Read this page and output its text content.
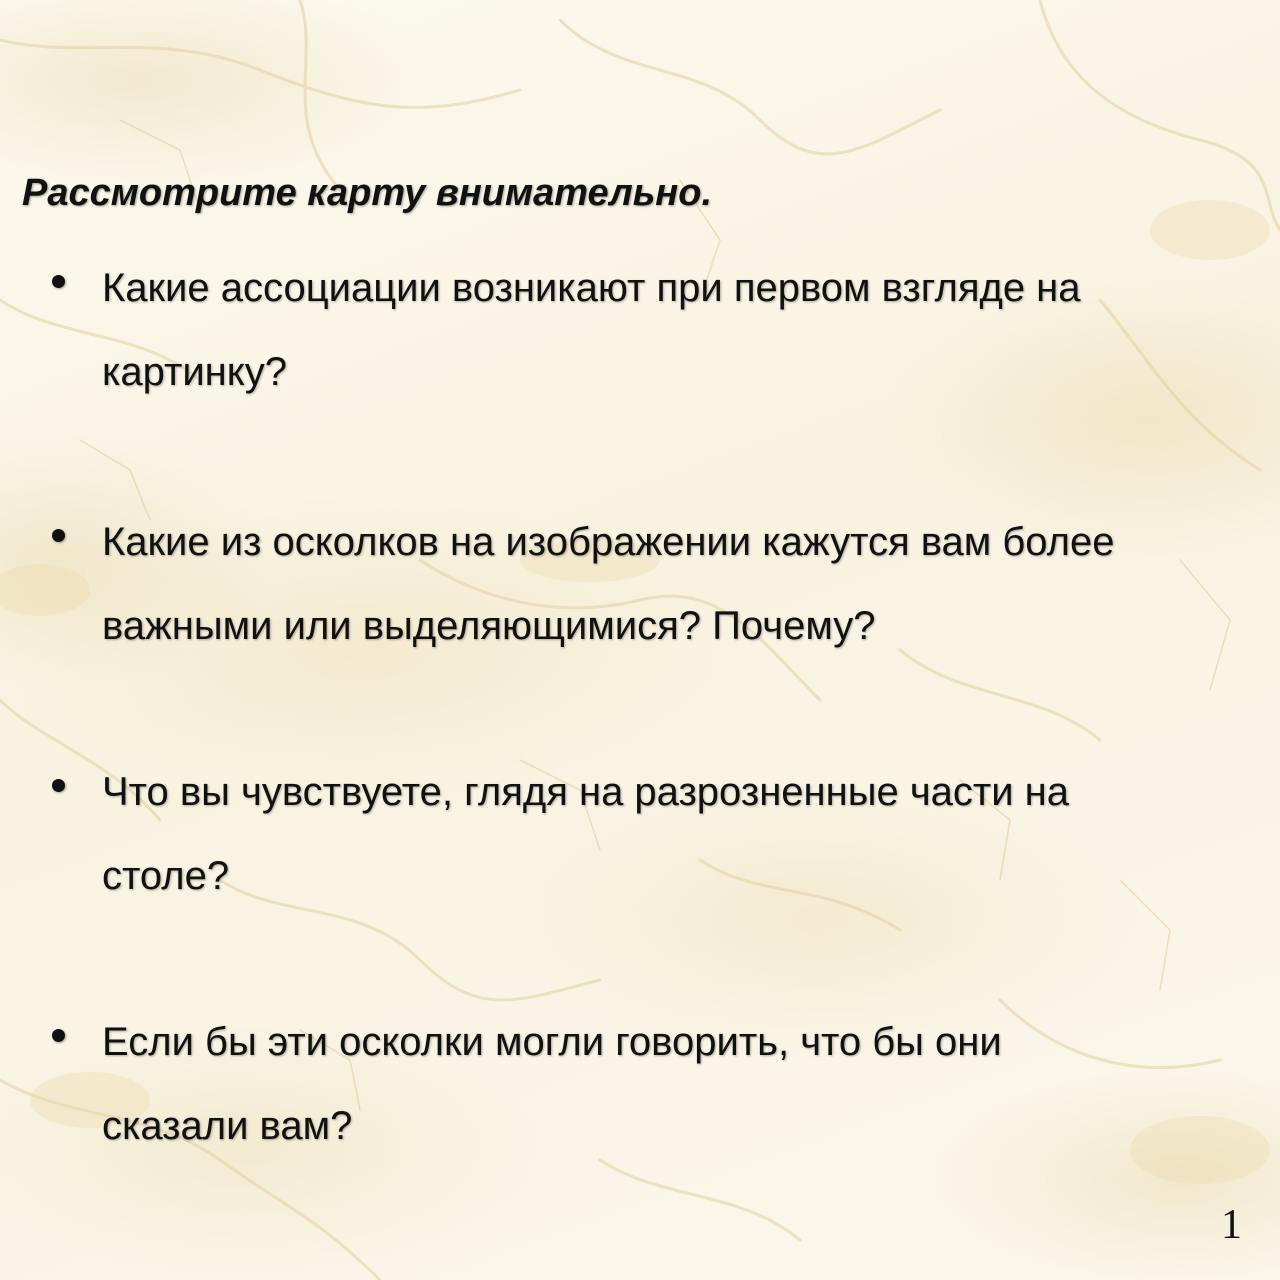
Рассмотрите карту внимательно.

Какие ассоциации возникают при первом взгляде на
картинку?

Какие из осколков на изображении кажутся вам более
важными или выделяющимися? Почему?

Что вы чувствуете, глядя на разрозненные части на
столе?

Если бы эти осколки могли говорить, что бы они
сказали вам?

1
